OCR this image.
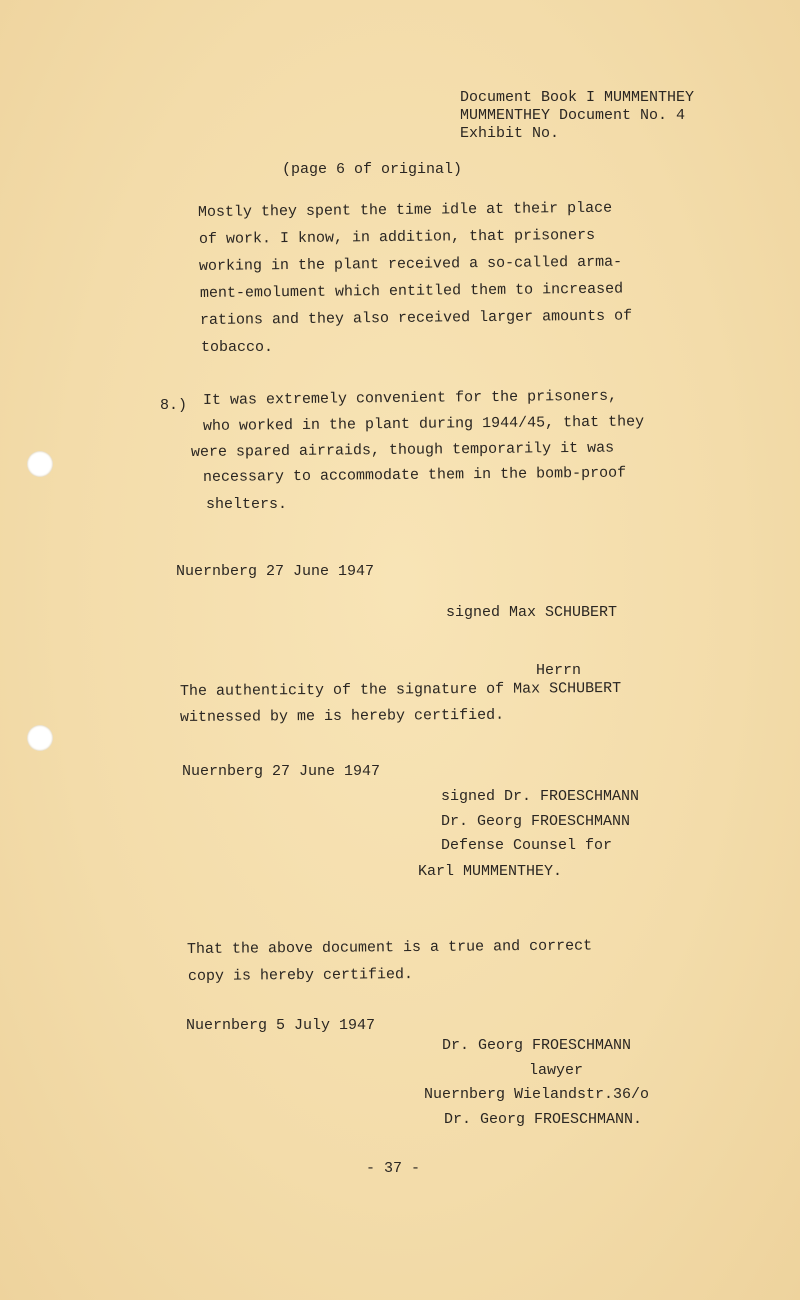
Document Book I MUMMENTHEY
MUMMENTHEY Document No. 4
Exhibit No.
(page 6 of original)
Mostly they spent the time idle at their place
of work. I know, in addition, that prisoners
working in the plant received a so-called arma-
ment-emolument which entitled them to increased
rations and they also received larger amounts of
tobacco.
8.) It was extremely convenient for the prisoners,
who worked in the plant during 1944/45, that they
were spared airraids, though temporarily it was
necessary to accommodate them in the bomb-proof
shelters.
Nuernberg 27 June 1947
signed Max SCHUBERT
Herrn
The authenticity of the signature of Max SCHUBERT
witnessed by me is hereby certified.
Nuernberg 27 June 1947
signed Dr. FROESCHMANN
Dr. Georg FROESCHMANN
Defense Counsel for
Karl MUMMENTHEY.
That the above document is a true and correct
copy is hereby certified.
Nuernberg 5 July 1947
Dr. Georg FROESCHMANN
lawyer
Nuernberg Wielandstr.36/o
Dr. Georg FROESCHMANN.
- 37 -
